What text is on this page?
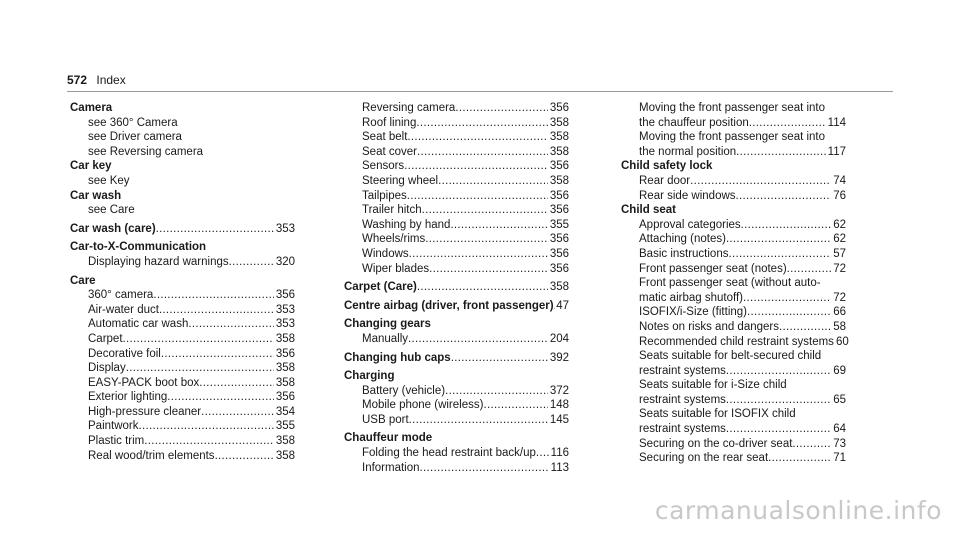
572 Index
Camera
see 360° Camera
see Driver camera
see Reversing camera
Car key
see Key
Car wash
see Care
Car wash (care) .....	353
Car-to-X-Communication
Displaying hazard warnings .....	320
Care
360° camera .....	356
Air-water duct .....	353
Automatic car wash .....	353
Carpet .....	358
Decorative foil .....	356
Display .....	358
EASY-PACK boot box .....	358
Exterior lighting .....	356
High-pressure cleaner .....	354
Paintwork .....	355
Plastic trim .....	358
Real wood/trim elements .....	358
Reversing camera .....	356
Roof lining .....	358
Seat belt .....	358
Seat cover .....	358
Sensors .....	356
Steering wheel .....	358
Tailpipes .....	356
Trailer hitch .....	356
Washing by hand .....	355
Wheels/rims .....	356
Windows .....	356
Wiper blades .....	356
Carpet (Care) .....	358
Centre airbag (driver, front passenger) ..... 47
Changing gears
Manually .....	204
Changing hub caps .....	392
Charging
Battery (vehicle) .....	372
Mobile phone (wireless) .....	148
USB port .....	145
Chauffeur mode
Folding the head restraint back/up ..... 116
Information .....	113
Moving the front passenger seat into
the chauffeur position .....	114
Moving the front passenger seat into
the normal position .....	117
Child safety lock
Rear door .....	74
Rear side windows .....	76
Child seat
Approval categories .....	62
Attaching (notes) .....	62
Basic instructions .....	57
Front passenger seat (notes) .....	72
Front passenger seat (without auto-
matic airbag shutoff) .....	72
ISOFIX/i-Size (fitting) .....	66
Notes on risks and dangers .....	58
Recommended child restraint systems 60
Seats suitable for belt-secured child
restraint systems .....	69
Seats suitable for i-Size child
restraint systems .....	65
Seats suitable for ISOFIX child
restraint systems .....	64
Securing on the co-driver seat .....	73
Securing on the rear seat .....	71
carmanualsonline.info
